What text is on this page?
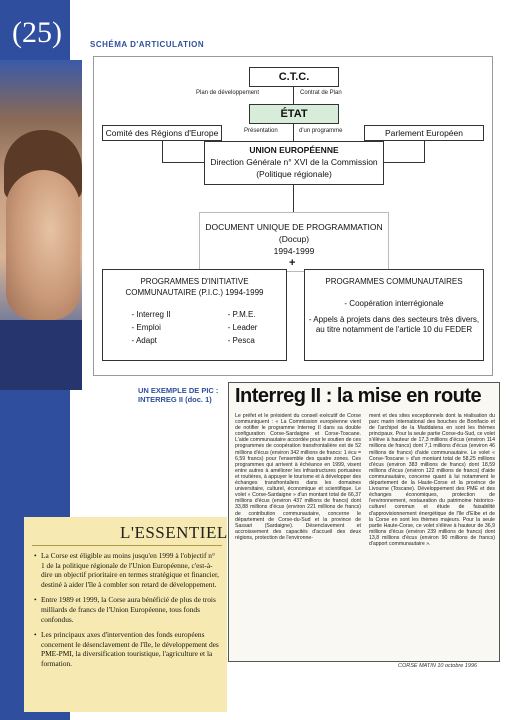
(25)	SCHÉMA D'ARTICULATION
C.T.C.
Plan de développement	Contrat de Plan
ÉTAT
Présentation	d'un programme
Comité des Régions d'Europe	Parlement Européen
UNION EUROPÉENNE
Direction Générale n° XVI de la Commission
(Politique régionale)
DOCUMENT UNIQUE DE PROGRAMMATION
(Docup)
1994-1999
+
PROGRAMMES D'INITIATIVE
COMMUNAUTAIRE (P.I.C.) 1994-1999
- Interreg II
- Emploi
- Adapt
- P.M.E.
- Leader
- Pesca
PROGRAMMES COMMUNAUTAIRES
- Coopération interrégionale
- Appels à projets dans des secteurs très divers,
au titre notamment de l'article 10 du FEDER
UN EXEMPLE DE PIC :
INTERREG II (doc. 1)	Interreg II : la mise en route
Le préfet et le président du conseil exécutif de Corse communiquent : « La Commission européenne vient de notifier le programme Interreg II dans sa double configuration Corse-Sardaigne et Corse-Toscane. L'aide communautaire accordée pour le soutien de ces programmes de coopération transfrontalière est de 52 millions d'écus (environ 342 millions de francs: 1 écu = 6,59 francs) pour l'ensemble des quatre zones. Ces programmes qui arrivent à échéance en 1999, visent entre autres à améliorer les infrastructures portuaires et routières, à appuyer le tourisme et à développer des échanges transfrontaliers dans les domaines universitaire, culturel, économique et scientifique. Le volet « Corse-Sardaigne » d'un montant total de 66,37 millions d'écus (environ 437 millions de francs) dont 33,88 millions d'écus (environ 221 millions de francs) de contribution communautaire, concerne le département de Corse-du-Sud et la province de Sassari (Sardaigne). Désenclavement et accroissement des capacités d'accueil des deux régions, protection de l'environne-
ment et des sites exceptionnels dont la réalisation du parc marin international des bouches de Bonifacio et de l'archipel de la Maddalena en sont les thèmes principaux. Pour la seule partie Corse-du-Sud, ce volet s'élève à hauteur de 17,3 millions d'écus (environ 114 millions de francs) dont 7,1 millions d'écus (environ 46 millions de francs) d'aide communautaire. Le volet « Corse-Toscane » d'un montant total de 58,25 millions d'écus (environ 383 millions de francs) dont 18,59 millions d'écus (environ 122 millions de francs) d'aide communautaire, concerne quant à lui notamment le département de la Haute-Corse et la province de Livourne (Toscane). Développement des PME et des échanges économiques, protection de l'environnement, restauration du patrimoine historico-culturel commun et étude de faisabilité d'approvisionnement énergétique de l'île d'Elbe et de la Corse en sont les thèmes majeurs. Pour la seule partie Haute-Corse, ce volet s'élève à hauteur de 36,9 millions d'écus (environ 239 millions de francs) dont 13,8 millions d'écus (environ 90 millions de francs) d'apport communautaire ».
CORSE MATIN 10 octobre 1996
L'ESSENTIEL
• La Corse est éligible au moins jusqu'en 1999 à l'objectif n° 1 de la politique régionale de l'Union Européenne, c'est-à-dire un objectif prioritaire en termes stratégique et financier, destiné à aider l'île à combler son retard de développement.
• Entre 1989 et 1999, la Corse aura bénéficié de plus de trois milliards de francs de l'Union Européenne, tous fonds confondus.
• Les principaux axes d'intervention des fonds européens concernent le désenclavement de l'île, le développement des PME-PMI, la diversification touristique, l'agriculture et la formation.
